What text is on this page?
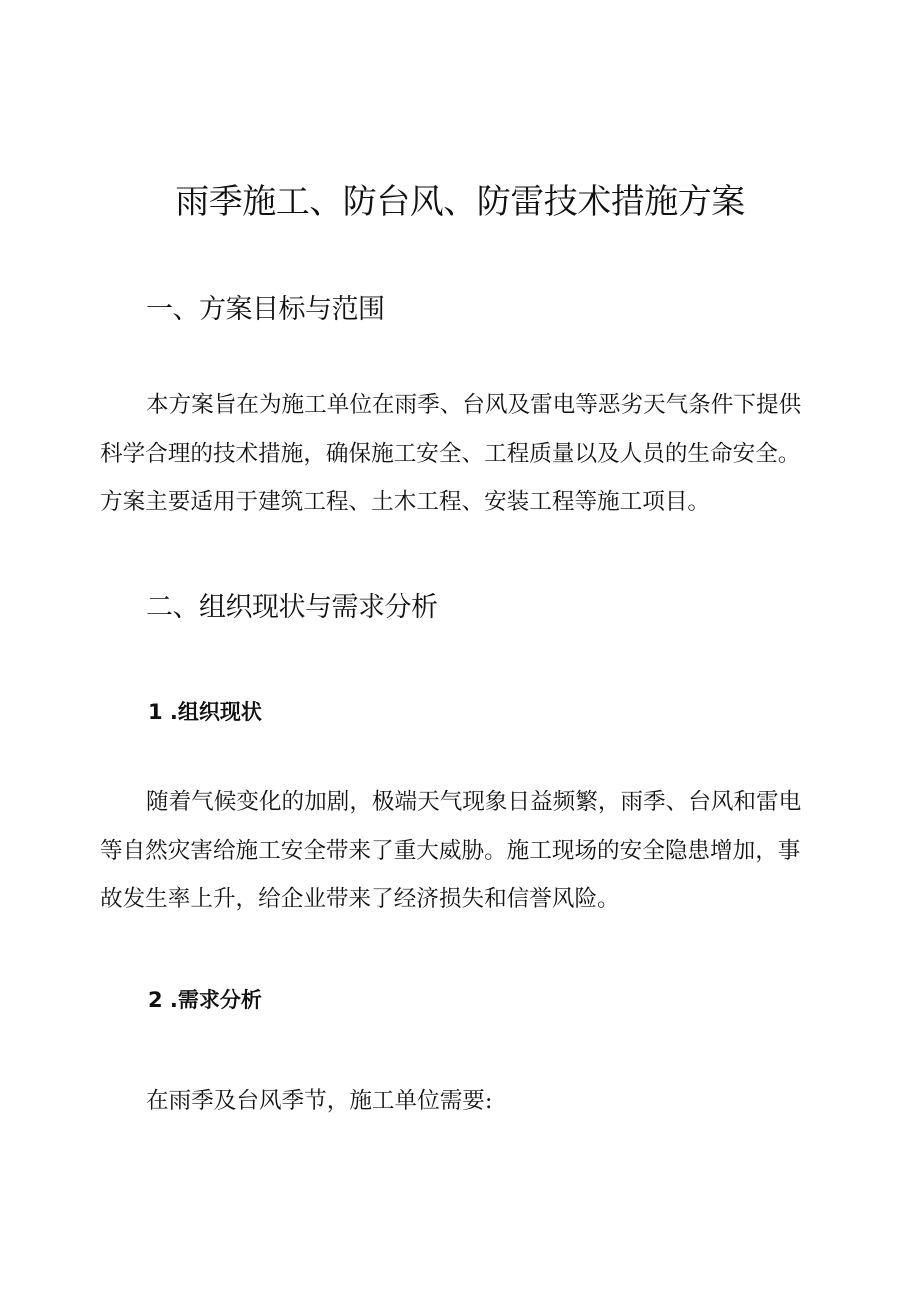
雨季施工、防台风、防雷技术措施方案
一、方案目标与范围

本方案旨在为施工单位在雨季、台风及雷电等恶劣天气条件下提供
科学合理的技术措施，确保施工安全、工程质量以及人员的生命安全。
方案主要适用于建筑工程、土木工程、安装工程等施工项目。

二、组织现状与需求分析
1 .组织现状

随着气候变化的加剧，极端天气现象日益频繁，雨季、台风和雷电
等自然灾害给施工安全带来了重大威胁。施工现场的安全隐患增加，事
故发生率上升，给企业带来了经济损失和信誉风险。

2 .需求分析

在雨季及台风季节，施工单位需要:
